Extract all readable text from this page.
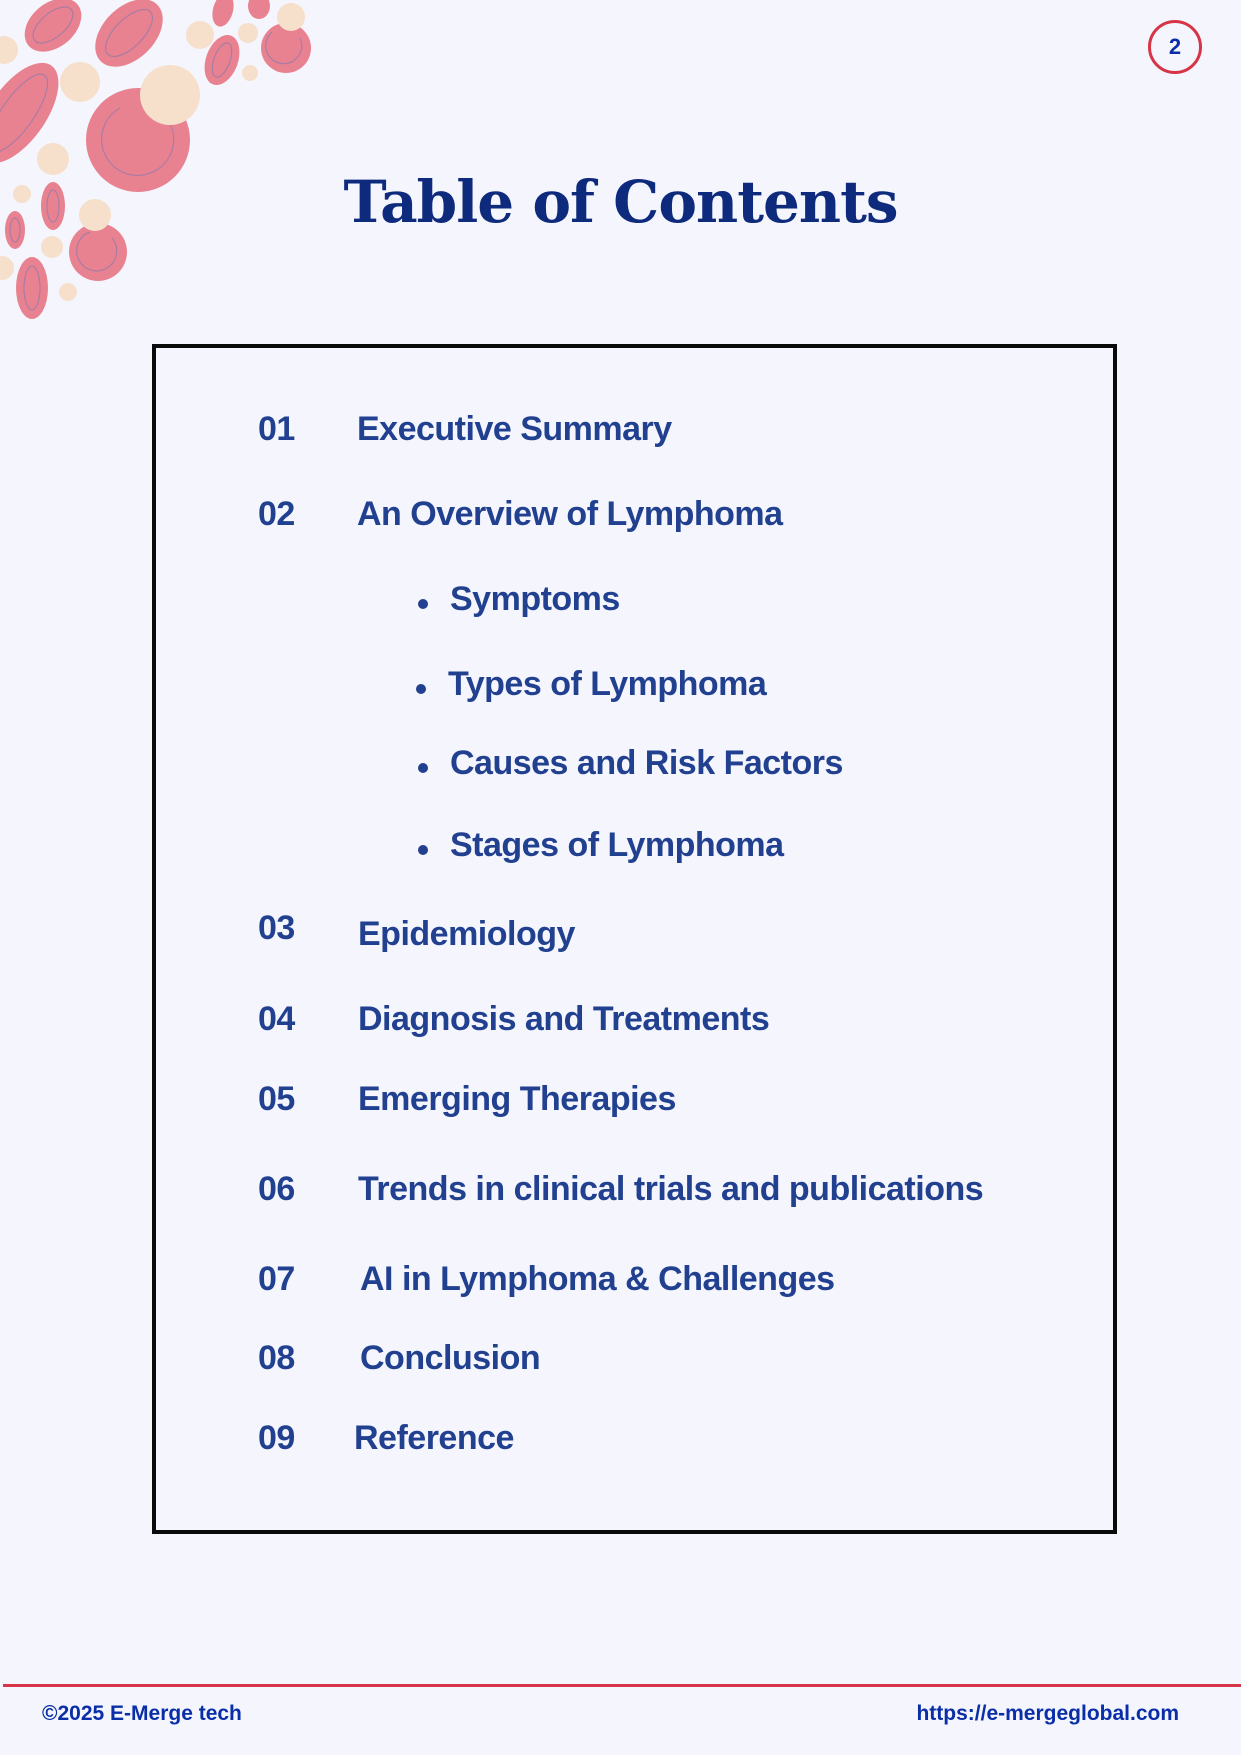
2
Table of Contents
01 Executive Summary
02 An Overview of Lymphoma
Symptoms
Types of Lymphoma
Causes and Risk Factors
Stages of Lymphoma
03 Epidemiology
04 Diagnosis and Treatments
05 Emerging Therapies
06 Trends in clinical trials and publications
07 AI in Lymphoma & Challenges
08 Conclusion
09 Reference
©2025 E-Merge tech	https://e-mergeglobal.com
